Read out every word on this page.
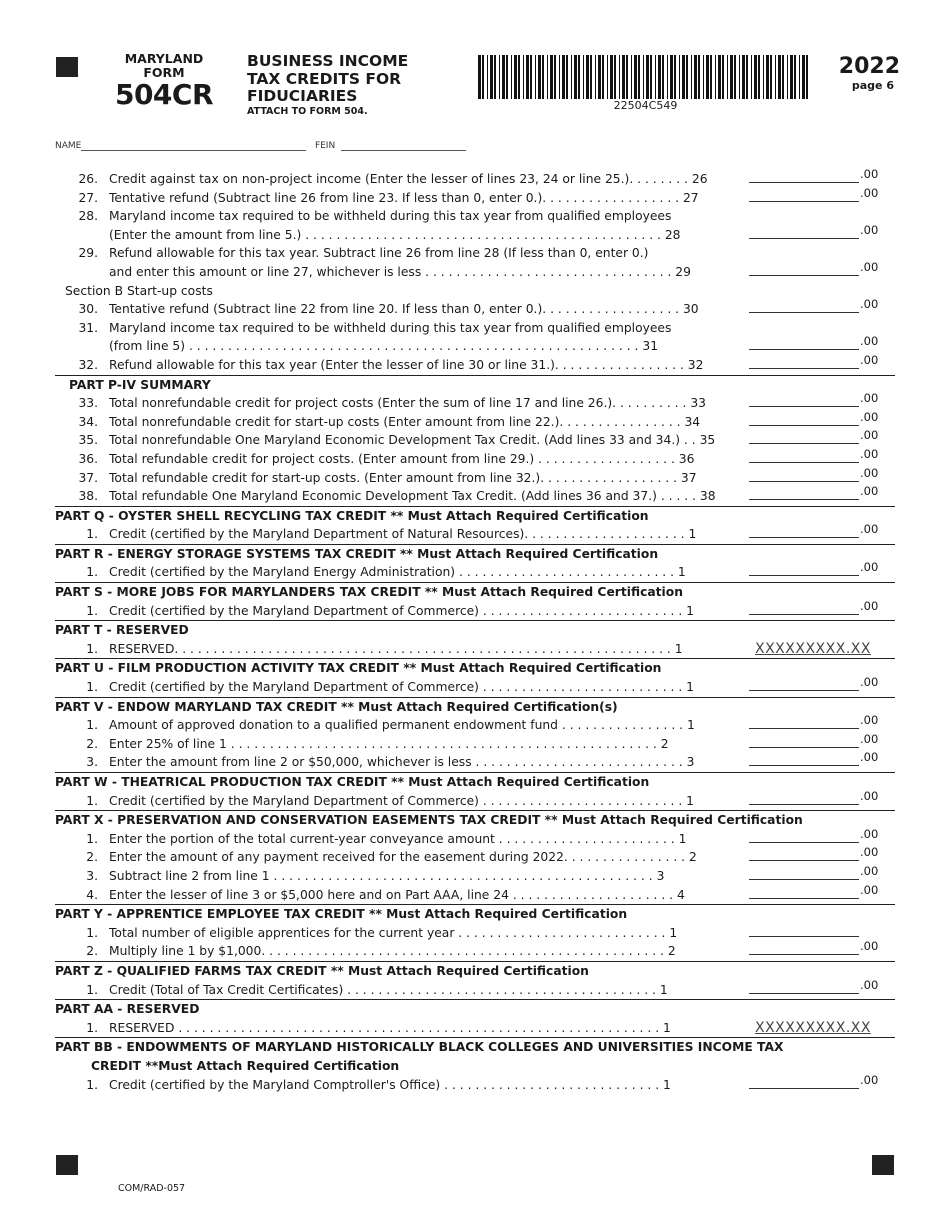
MARYLAND
FORM
504CR
BUSINESS INCOME
TAX CREDITS FOR
FIDUCIARIES
ATTACH TO FORM 504.	22504C549
2022
page 6
NAME	FEIN
26. Credit against tax on non-project income (Enter the lesser of lines 23, 24 or line 25.). . . . . . . . 26	.00
27. Tentative refund (Subtract line 26 from line 23. If less than 0, enter 0.). . . . . . . . . . . . . . . . . . 27	.00
28. Maryland income tax required to be withheld during this tax year from qualified employees
(Enter the amount from line 5.) . . . . . . . . . . . . . . . . . . . . . . . . . . . . . . . . . . . . . . . . . . . . . . 28	.00
29. Refund allowable for this tax year. Subtract line 26 from line 28 (If less than 0, enter 0.)
and enter this amount or line 27, whichever is less . . . . . . . . . . . . . . . . . . . . . . . . . . . . . . . . 29	.00
Section B Start-up costs
30. Tentative refund (Subtract line 22 from line 20. If less than 0, enter 0.). . . . . . . . . . . . . . . . . . 30	.00
31. Maryland income tax required to be withheld during this tax year from qualified employees
(from line 5) . . . . . . . . . . . . . . . . . . . . . . . . . . . . . . . . . . . . . . . . . . . . . . . . . . . . . . . . . . 31	.00
32. Refund allowable for this tax year (Enter the lesser of line 30 or line 31.). . . . . . . . . . . . . . . . . 32	.00
PART P-IV SUMMARY
33. Total nonrefundable credit for project costs (Enter the sum of line 17 and line 26.). . . . . . . . . . 33	.00
34. Total nonrefundable credit for start-up costs (Enter amount from line 22.). . . . . . . . . . . . . . . . 34	.00
35. Total nonrefundable One Maryland Economic Development Tax Credit. (Add lines 33 and 34.) . . 35	.00
36. Total refundable credit for project costs. (Enter amount from line 29.) . . . . . . . . . . . . . . . . . . 36	.00
37. Total refundable credit for start-up costs. (Enter amount from line 32.). . . . . . . . . . . . . . . . . . 37	.00
38. Total refundable One Maryland Economic Development Tax Credit. (Add lines 36 and 37.) . . . . . 38	.00
PART Q - OYSTER SHELL RECYCLING TAX CREDIT ** Must Attach Required Certification
1. Credit (certified by the Maryland Department of Natural Resources). . . . . . . . . . . . . . . . . . . . . 1	.00
PART R - ENERGY STORAGE SYSTEMS TAX CREDIT ** Must Attach Required Certification
1. Credit (certified by the Maryland Energy Administration) . . . . . . . . . . . . . . . . . . . . . . . . . . . . 1	.00
PART S - MORE JOBS FOR MARYLANDERS TAX CREDIT ** Must Attach Required Certification
1. Credit (certified by the Maryland Department of Commerce) . . . . . . . . . . . . . . . . . . . . . . . . . . 1	.00
PART T - RESERVED
1. RESERVED. . . . . . . . . . . . . . . . . . . . . . . . . . . . . . . . . . . . . . . . . . . . . . . . . . . . . . . . . . . . . . . . 1	XXXXXXXXX.XX
PART U - FILM PRODUCTION ACTIVITY TAX CREDIT ** Must Attach Required Certification
1. Credit (certified by the Maryland Department of Commerce) . . . . . . . . . . . . . . . . . . . . . . . . . . 1	.00
PART V - ENDOW MARYLAND TAX CREDIT ** Must Attach Required Certification(s)
1. Amount of approved donation to a qualified permanent endowment fund . . . . . . . . . . . . . . . . 1	.00
2. Enter 25% of line 1 . . . . . . . . . . . . . . . . . . . . . . . . . . . . . . . . . . . . . . . . . . . . . . . . . . . . . . . 2	.00
3. Enter the amount from line 2 or $50,000, whichever is less . . . . . . . . . . . . . . . . . . . . . . . . . . . 3	.00
PART W - THEATRICAL PRODUCTION TAX CREDIT ** Must Attach Required Certification
1. Credit (certified by the Maryland Department of Commerce) . . . . . . . . . . . . . . . . . . . . . . . . . . 1	.00
PART X - PRESERVATION AND CONSERVATION EASEMENTS TAX CREDIT ** Must Attach Required Certification
1. Enter the portion of the total current-year conveyance amount . . . . . . . . . . . . . . . . . . . . . . . 1	.00
2. Enter the amount of any payment received for the easement during 2022. . . . . . . . . . . . . . . . 2	.00
3. Subtract line 2 from line 1 . . . . . . . . . . . . . . . . . . . . . . . . . . . . . . . . . . . . . . . . . . . . . . . . . 3	.00
4. Enter the lesser of line 3 or $5,000 here and on Part AAA, line 24 . . . . . . . . . . . . . . . . . . . . . 4	.00
PART Y - APPRENTICE EMPLOYEE TAX CREDIT ** Must Attach Required Certification
1. Total number of eligible apprentices for the current year . . . . . . . . . . . . . . . . . . . . . . . . . . . 1
2. Multiply line 1 by $1,000. . . . . . . . . . . . . . . . . . . . . . . . . . . . . . . . . . . . . . . . . . . . . . . . . . . . 2	.00
PART Z - QUALIFIED FARMS TAX CREDIT ** Must Attach Required Certification
1. Credit (Total of Tax Credit Certificates) . . . . . . . . . . . . . . . . . . . . . . . . . . . . . . . . . . . . . . . . 1	.00
PART AA - RESERVED
1. RESERVED . . . . . . . . . . . . . . . . . . . . . . . . . . . . . . . . . . . . . . . . . . . . . . . . . . . . . . . . . . . . . . 1	XXXXXXXXX.XX
PART BB - ENDOWMENTS OF MARYLAND HISTORICALLY BLACK COLLEGES AND UNIVERSITIES INCOME TAX
CREDIT **Must Attach Required Certification
1. Credit (certified by the Maryland Comptroller's Office) . . . . . . . . . . . . . . . . . . . . . . . . . . . . 1	.00
COM/RAD-057
